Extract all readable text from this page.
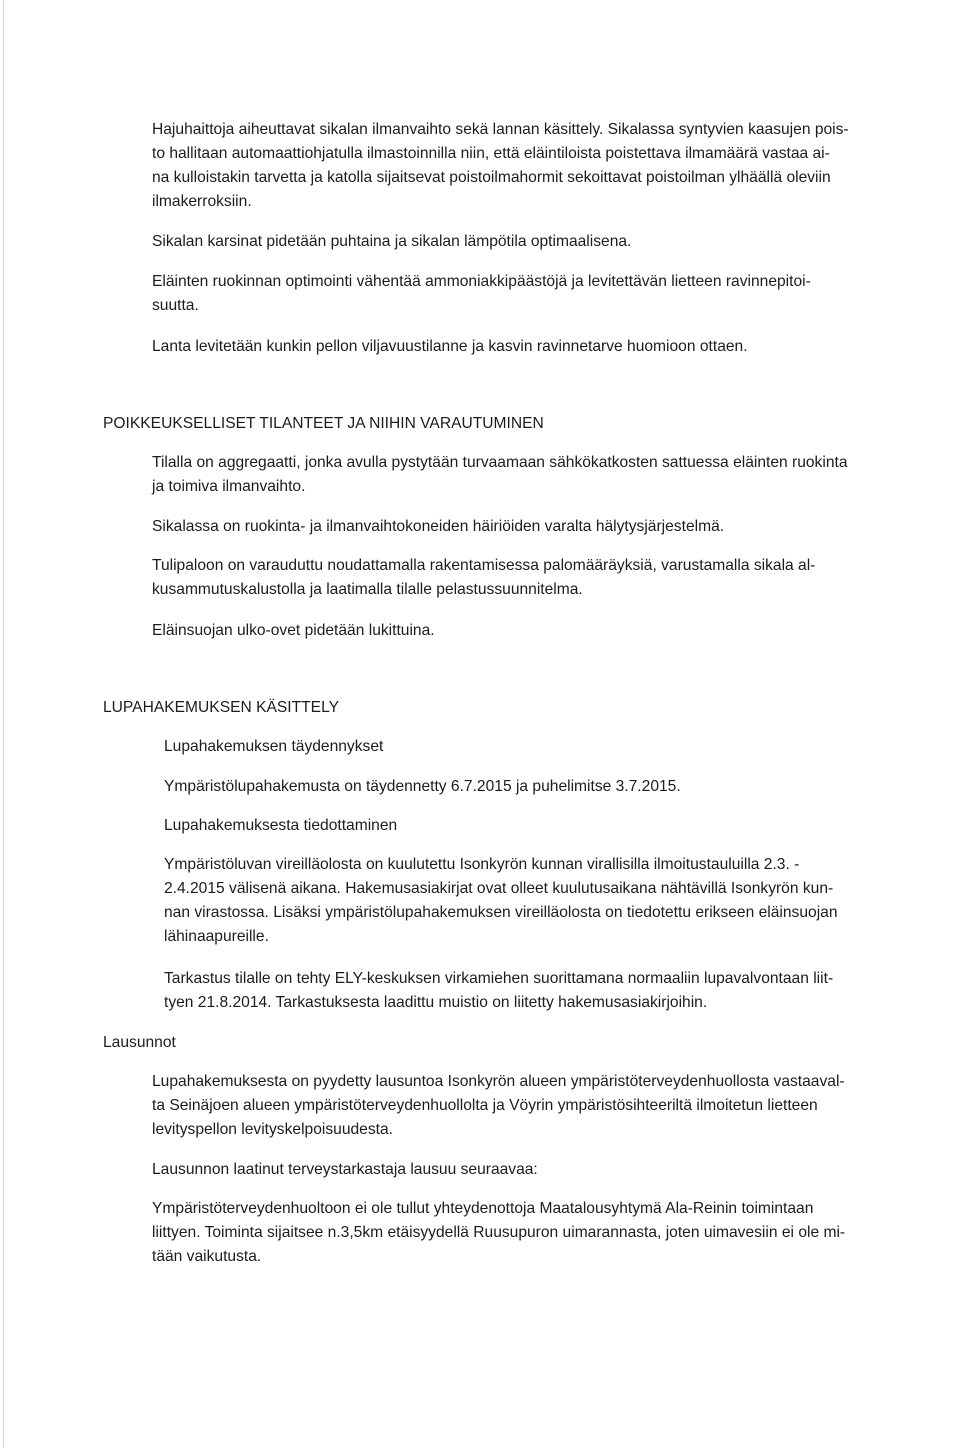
Hajuhaittoja aiheuttavat sikalan ilmanvaihto sekä lannan käsittely. Sikalassa syntyvien kaasujen pois-
to hallitaan automaattiohjatulla ilmastoinnilla niin, että eläintiloista poistettava ilmamäärä vastaa ai-
na kulloistakin tarvetta ja katolla sijaitsevat poistoilmahormit sekoittavat poistoilman ylhäällä oleviin
ilmakerroksiin.
Sikalan karsinat pidetään puhtaina ja sikalan lämpötila optimaalisena.
Eläinten ruokinnan optimointi vähentää ammoniakkipäästöjä ja levitettävän lietteen ravinnepitoi-
suutta.
Lanta levitetään kunkin pellon viljavuustilanne ja kasvin ravinnetarve huomioon ottaen.
POIKKEUKSELLISET TILANTEET JA NIIHIN VARAUTUMINEN
Tilalla on aggregaatti, jonka avulla pystytään turvaamaan sähkökatkosten sattuessa eläinten ruokinta
ja toimiva ilmanvaihto.
Sikalassa on ruokinta- ja ilmanvaihtokoneiden häiriöiden varalta hälytysjärjestelmä.
Tulipaloon on varauduttu noudattamalla rakentamisessa palomääräyksiä, varustamalla sikala al-
kusammutuskalustolla ja laatimalla tilalle pelastussuunnitelma.
Eläinsuojan ulko-ovet pidetään lukittuina.
LUPAHAKEMUKSEN KÄSITTELY
Lupahakemuksen täydennykset
Ympäristölupahakemusta on täydennetty 6.7.2015 ja puhelimitse 3.7.2015.
Lupahakemuksesta tiedottaminen
Ympäristöluvan vireilläolosta on kuulutettu Isonkyrön kunnan virallisilla ilmoitustauluilla 2.3. -
2.4.2015 välisenä aikana. Hakemusasiakirjat ovat olleet kuulutusaikana nähtävillä Isonkyrön kun-
nan virastossa. Lisäksi ympäristölupahakemuksen vireilläolosta on tiedotettu erikseen eläinsuojan
lähinaapureille.
Tarkastus tilalle on tehty ELY-keskuksen virkamiehen suorittamana normaaliin lupavalvontaan liit-
tyen 21.8.2014. Tarkastuksesta laadittu muistio on liitetty hakemusasiakirjoihin.
Lausunnot
Lupahakemuksesta on pyydetty lausuntoa Isonkyrön alueen ympäristöterveydenhuollosta vastaaval-
ta Seinäjoen alueen ympäristöterveydenhuollolta ja Vöyrin ympäristösihteeriltä ilmoitetun lietteen
levityspellon levityskelpoisuudesta.
Lausunnon laatinut terveystarkastaja lausuu seuraavaa:
Ympäristöterveydenhuoltoon ei ole tullut yhteydenottoja Maatalousyhtymä Ala-Reinin toimintaan
liittyen. Toiminta sijaitsee n.3,5km etäisyydellä Ruusupuron uimarannasta, joten uimavesiin ei ole mi-
tään vaikutusta.
